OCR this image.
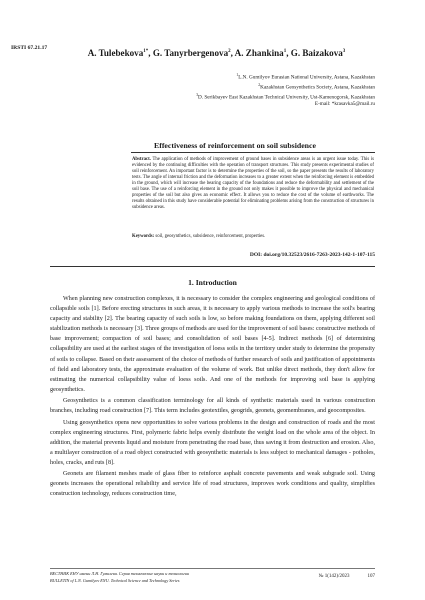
IRSTI 67.21.17	A. Tulebekova$^{1*}$, G. Tanyrbergenova$^2$, A. Zhankina$^1$, G. Baizakova$^3$
$^1$L.N. Gumilyov Eurasian National University, Astana, Kazakhstan
$^2$Kazakhstan Geosynthetics Society, Astana, Kazakhstan
$^3$D. Serikbayev East Kazakhstan Technical University, Ust-Kamenogorsk, Kazakhstan
E-mail: *krasavka5@mail.ru
Effectiveness of reinforcement on soil subsidence
Abstract. The application of methods of improvement of ground bases in subsidence areas is an urgent issue today. This is evidenced by the continuing difficulties with the operation of transport structures. This study presents experimental studies of soil reinforcement. An important factor is to determine the properties of the soil, so the paper presents the results of laboratory tests. The angle of internal friction and the deformation increases to a greater extent when the reinforcing element is embedded in the ground, which will increase the bearing capacity of the foundations and reduce the deformability and settlement of the soil base. The use of a reinforcing element in the ground not only makes it possible to improve the physical and mechanical properties of the soil but also gives an economic effect. It allows you to reduce the cost of the volume of earthworks. The results obtained in this study have considerable potential for eliminating problems arising from the construction of structures in subsidence areas.
Keywords: soil, geosynthetics, subsidence, reinforcement, properties.
DOI: doi.org/10.32523/2616-7263-2023-142-1-107-115
1. Introduction

When planning new construction complexes, it is necessary to consider the complex engineering and geological conditions of collapsible soils [1]. Before erecting structures in such areas, it is necessary to apply various methods to increase the soil's bearing capacity and stability [2]. The bearing capacity of such soils is low, so before making foundations on them, applying different soil stabilization methods is necessary [3]. Three groups of methods are used for the improvement of soil bases: constructive methods of base improvement; compaction of soil bases; and consolidation of soil bases [4-5]. Indirect methods [6] of determining collapsibility are used at the earliest stages of the investigation of loess soils in the territory under study to determine the propensity of soils to collapse. Based on their assessment of the choice of methods of further research of soils and justification of appointments of field and laboratory tests, the approximate evaluation of the volume of work. But unlike direct methods, they don't allow for estimating the numerical collapsibility value of loess soils. And one of the methods for improving soil base is applying geosynthetics.

Geosynthetics is a common classification terminology for all kinds of synthetic materials used in various construction branches, including road construction [7]. This term includes geotextiles, geogrids, geonets, geomembranes, and geocomposites.

Using geosynthetics opens new opportunities to solve various problems in the design and construction of roads and the most complex engineering structures. First, polymeric fabric helps evenly distribute the weight load on the whole area of the object. In addition, the material prevents liquid and moisture from penetrating the road base, thus saving it from destruction and erosion. Also, a multilayer construction of a road object constructed with geosynthetic materials is less subject to mechanical damages - potholes, holes, cracks, and ruts [8].

Geonets are filament meshes made of glass fiber to reinforce asphalt concrete pavements and weak subgrade soil. Using geonets increases the operational reliability and service life of road structures, improves work conditions and quality, simplifies construction technology, reduces construction time,

ВЕСТНИК ЕНУ имени Л.Н. Гумилева. Серия технические науки и технологии
BULLETIN of L.N. Gumilyov ENU. Technical Science and Technology Series
№ 1(142)/2023	107
